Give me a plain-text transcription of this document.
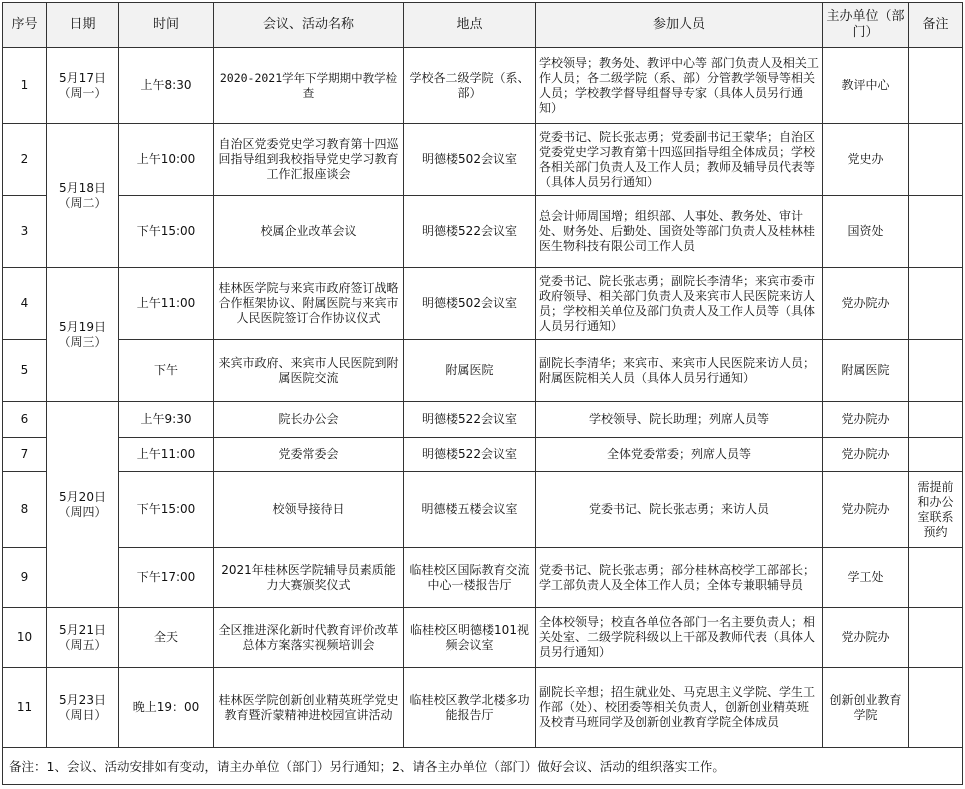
序号	日期	时间	会议、活动名称	地点	参加人员	主办单位（部门）	备注
1	5月17日（周一）	上午8:30	2020-2021学年下学期期中教学检查	学校各二级学院（系、部）	学校领导；教务处、教评中心等 部门负责人及相关工作人员；各二级学院（系、部）分管教学领导等相关人员；学校教学督导组督导专家（具体人员另行通知）	教评中心	
2	5月18日（周二）	上午10:00	自治区党委党史学习教育第十四巡回指导组到我校指导党史学习教育工作汇报座谈会	明德楼502会议室	党委书记、院长张志勇；党委副书记王蒙华；自治区党委党史学习教育第十四巡回指导组全体成员；学校各相关部门负责人及工作人员；教师及辅导员代表等（具体人员另行通知）	党史办	
3		下午15:00	校属企业改革会议	明德楼522会议室	总会计师周国增；组织部、人事处、教务处、审计处、财务处、后勤处、国资处等部门负责人及桂林桂医生物科技有限公司工作人员	国资处	
4	5月19日（周三）	上午11:00	桂林医学院与来宾市政府签订战略合作框架协议、附属医院与来宾市人民医院签订合作协议仪式	明德楼502会议室	党委书记、院长张志勇；副院长李清华；来宾市委市政府领导、相关部门负责人及来宾市人民医院来访人员；学校相关单位及部门负责人及工作人员等（具体人员另行通知）	党办院办	
5		下午	来宾市政府、来宾市人民医院到附属医院交流	附属医院	副院长李清华；来宾市、来宾市人民医院来访人员；附属医院相关人员（具体人员另行通知）	附属医院	
6	5月20日（周四）	上午9:30	院长办公会	明德楼522会议室	学校领导、院长助理；列席人员等	党办院办	
7		上午11:00	党委常委会	明德楼522会议室	全体党委常委；列席人员等	党办院办	
8		下午15:00	校领导接待日	明德楼五楼会议室	党委书记、院长张志勇；来访人员	党办院办	需提前和办公室联系预约
9		下午17:00	2021年桂林医学院辅导员素质能力大赛颁奖仪式	临桂校区国际教育交流中心一楼报告厅	党委书记、院长张志勇；部分桂林高校学工部部长；学工部负责人及全体工作人员；全体专兼职辅导员	学工处	
10	5月21日（周五）	全天	全区推进深化新时代教育评价改革总体方案落实视频培训会	临桂校区明德楼101视频会议室	全体校领导；校直各单位各部门一名主要负责人；相关处室、二级学院科级以上干部及教师代表（具体人员另行通知）	党办院办	
11	5月23日（周日）	晚上19：00	桂林医学院创新创业精英班学党史教育暨沂蒙精神进校园宣讲活动	临桂校区教学北楼多功能报告厅	副院长辛想；招生就业处、马克思主义学院、学生工作部（处）、校团委等相关负责人，创新创业精英班及校青马班同学及创新创业教育学院全体成员	创新创业教育学院	
备注：1、会议、活动安排如有变动，请主办单位（部门）另行通知；2、请各主办单位（部门）做好会议、活动的组织落实工作。							
